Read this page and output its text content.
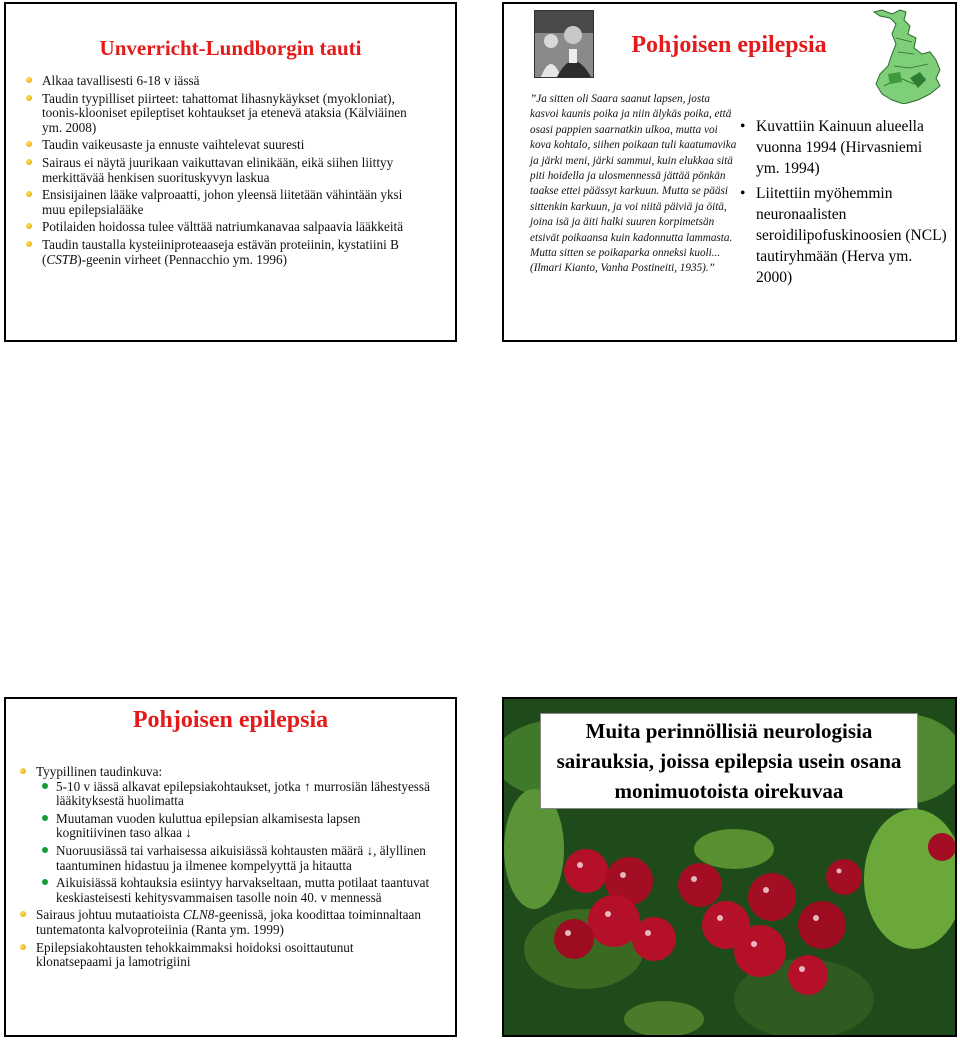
Unverricht-Lundborgin tauti
Alkaa tavallisesti 6-18 v iässä
Taudin tyypilliset piirteet: tahattomat lihasnykäykset (myokloniat), toonis-klooniset epileptiset kohtaukset ja etenevä ataksia (Kälviäinen ym. 2008)
Taudin vaikeusaste ja ennuste vaihtelevat suuresti
Sairaus ei näytä juurikaan vaikuttavan elinikään, eikä siihen liittyy merkittävää henkisen suorituskyvyn laskua
Ensisijainen lääke valproaatti, johon yleensä liitetään vähintään yksi muu epilepsialääke
Potilaiden hoidossa tulee välttää natriumkanavaa salpaavia lääkkeitä
Taudin taustalla kysteiiniproteaaseja estävän proteiinin, kystatiini B (CSTB)-geenin virheet (Pennacchio ym. 1996)
Pohjoisen epilepsia
”Ja sitten oli Saara saanut lapsen, josta kasvoi kaunis poika ja niin älykäs poika, että osasi pappien saarnatkin ulkoa, mutta voi kova kohtalo, siihen poikaan tuli kaatumavika ja järki meni, järki sammui, kuin elukkaa sitä piti hoidella ja ulosmennessä jättää pönkän taakse ettei päässyt karkuun. Mutta se pääsi sittenkin karkuun, ja voi niitä päiviä ja öitä, joina isä ja äiti halki suuren korpimetsän etsivät poikaansa kuin kadonnutta lammasta. Mutta sitten se poikaparka onneksi kuoli... (Ilmari Kianto, Vanha Postineiti, 1935).”
• Kuvattiin Kainuun alueella vuonna 1994 (Hirvasniemi ym. 1994)
• Liitettiin myöhemmin neuronaalisten seroidilipofuskinoosien (NCL) tautiryhmään (Herva ym. 2000)
Pohjoisen epilepsia
Tyypillinen taudinkuva:
5-10 v iässä alkavat epilepsiakohtaukset, jotka ↑ murrosiän lähestyessä lääkityksestä huolimatta
Muutaman vuoden kuluttua epilepsian alkamisesta lapsen kognitiivinen taso alkaa ↓
Nuoruusiässä tai varhaisessa aikuisiässä kohtausten määrä ↓, älyllinen taantuminen hidastuu ja ilmenee kompelyyttä ja hitautta
Aikuisiässä kohtauksia esiintyy harvakseltaan, mutta potilaat taantuvat keskiasteisesti kehitysvammaisen tasolle noin 40. v mennessä
Sairaus johtuu mutaatioista CLN8-geenissä, joka koodittaa toiminnaltaan tuntematonta kalvoproteiinia (Ranta ym. 1999)
Epilepsiakohtausten tehokkaimmaksi hoidoksi osoittautunut klonatsepaami ja lamotrigiini
Muita perinnöllisiä neurologisia sairauksia, joissa epilepsia usein osana monimuotoista oirekuvaa
